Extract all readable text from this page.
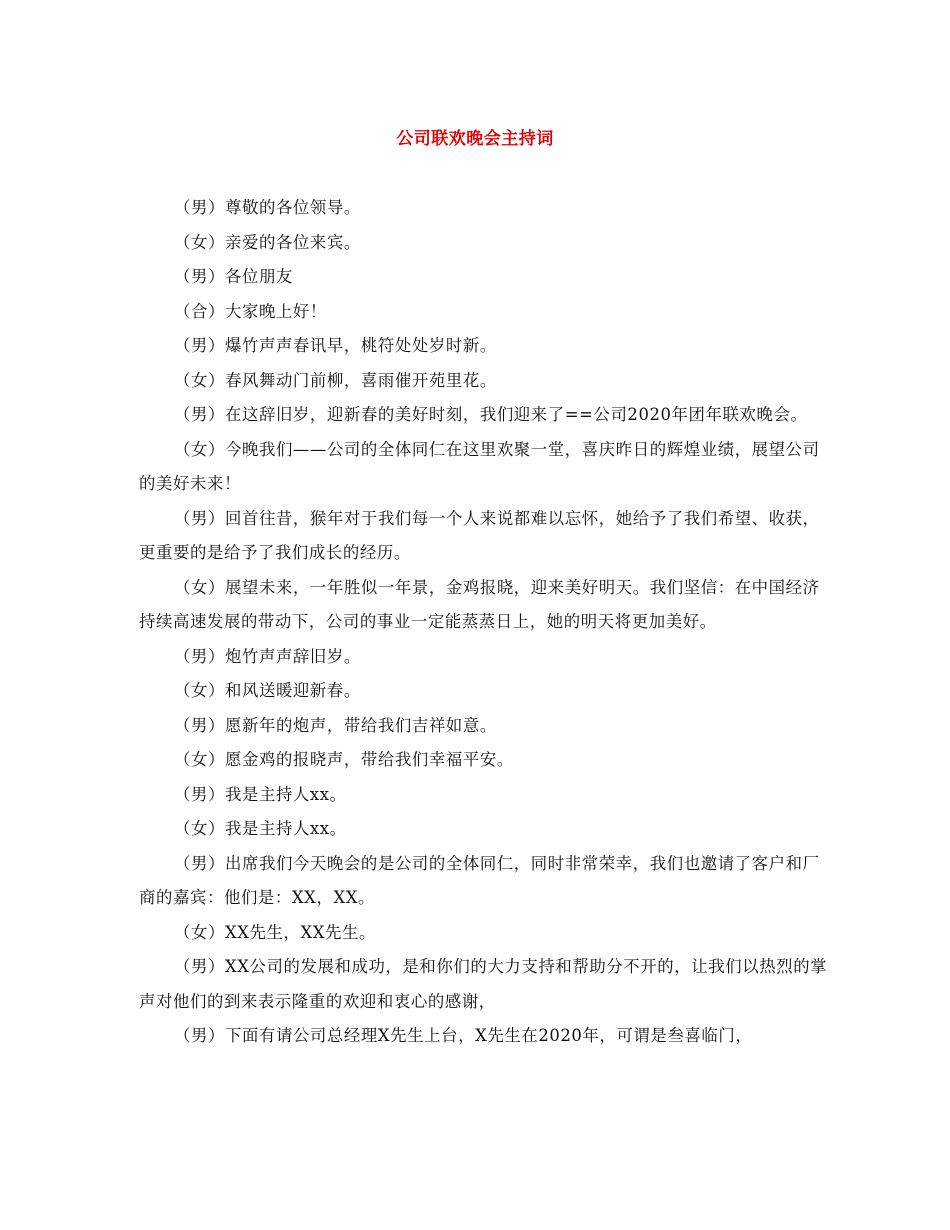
公司联欢晚会主持词

（男）尊敬的各位领导。

（女）亲爱的各位来宾。

（男）各位朋友

（合）大家晚上好！

（男）爆竹声声春讯早，桃符处处岁时新。

（女）春风舞动门前柳，喜雨催开苑里花。

（男）在这辞旧岁，迎新春的美好时刻，我们迎来了==公司2020年团年联欢晚会。

（女）今晚我们——公司的全体同仁在这里欢聚一堂，喜庆昨日的辉煌业绩，展望公司的美好未来！

（男）回首往昔，猴年对于我们每一个人来说都难以忘怀，她给予了我们希望、收获，更重要的是给予了我们成长的经历。

（女）展望未来，一年胜似一年景，金鸡报晓，迎来美好明天。我们坚信：在中国经济持续高速发展的带动下，公司的事业一定能蒸蒸日上，她的明天将更加美好。

（男）炮竹声声辞旧岁。

（女）和风送暖迎新春。

（男）愿新年的炮声，带给我们吉祥如意。

（女）愿金鸡的报晓声，带给我们幸福平安。

（男）我是主持人xx。

（女）我是主持人xx。

（男）出席我们今天晚会的是公司的全体同仁，同时非常荣幸，我们也邀请了客户和厂商的嘉宾：他们是：XX，XX。

（女）XX先生，XX先生。

（男）XX公司的发展和成功，是和你们的大力支持和帮助分不开的，让我们以热烈的掌声对他们的到来表示隆重的欢迎和衷心的感谢，

（男）下面有请公司总经理X先生上台，X先生在2020年，可谓是叁喜临门，
